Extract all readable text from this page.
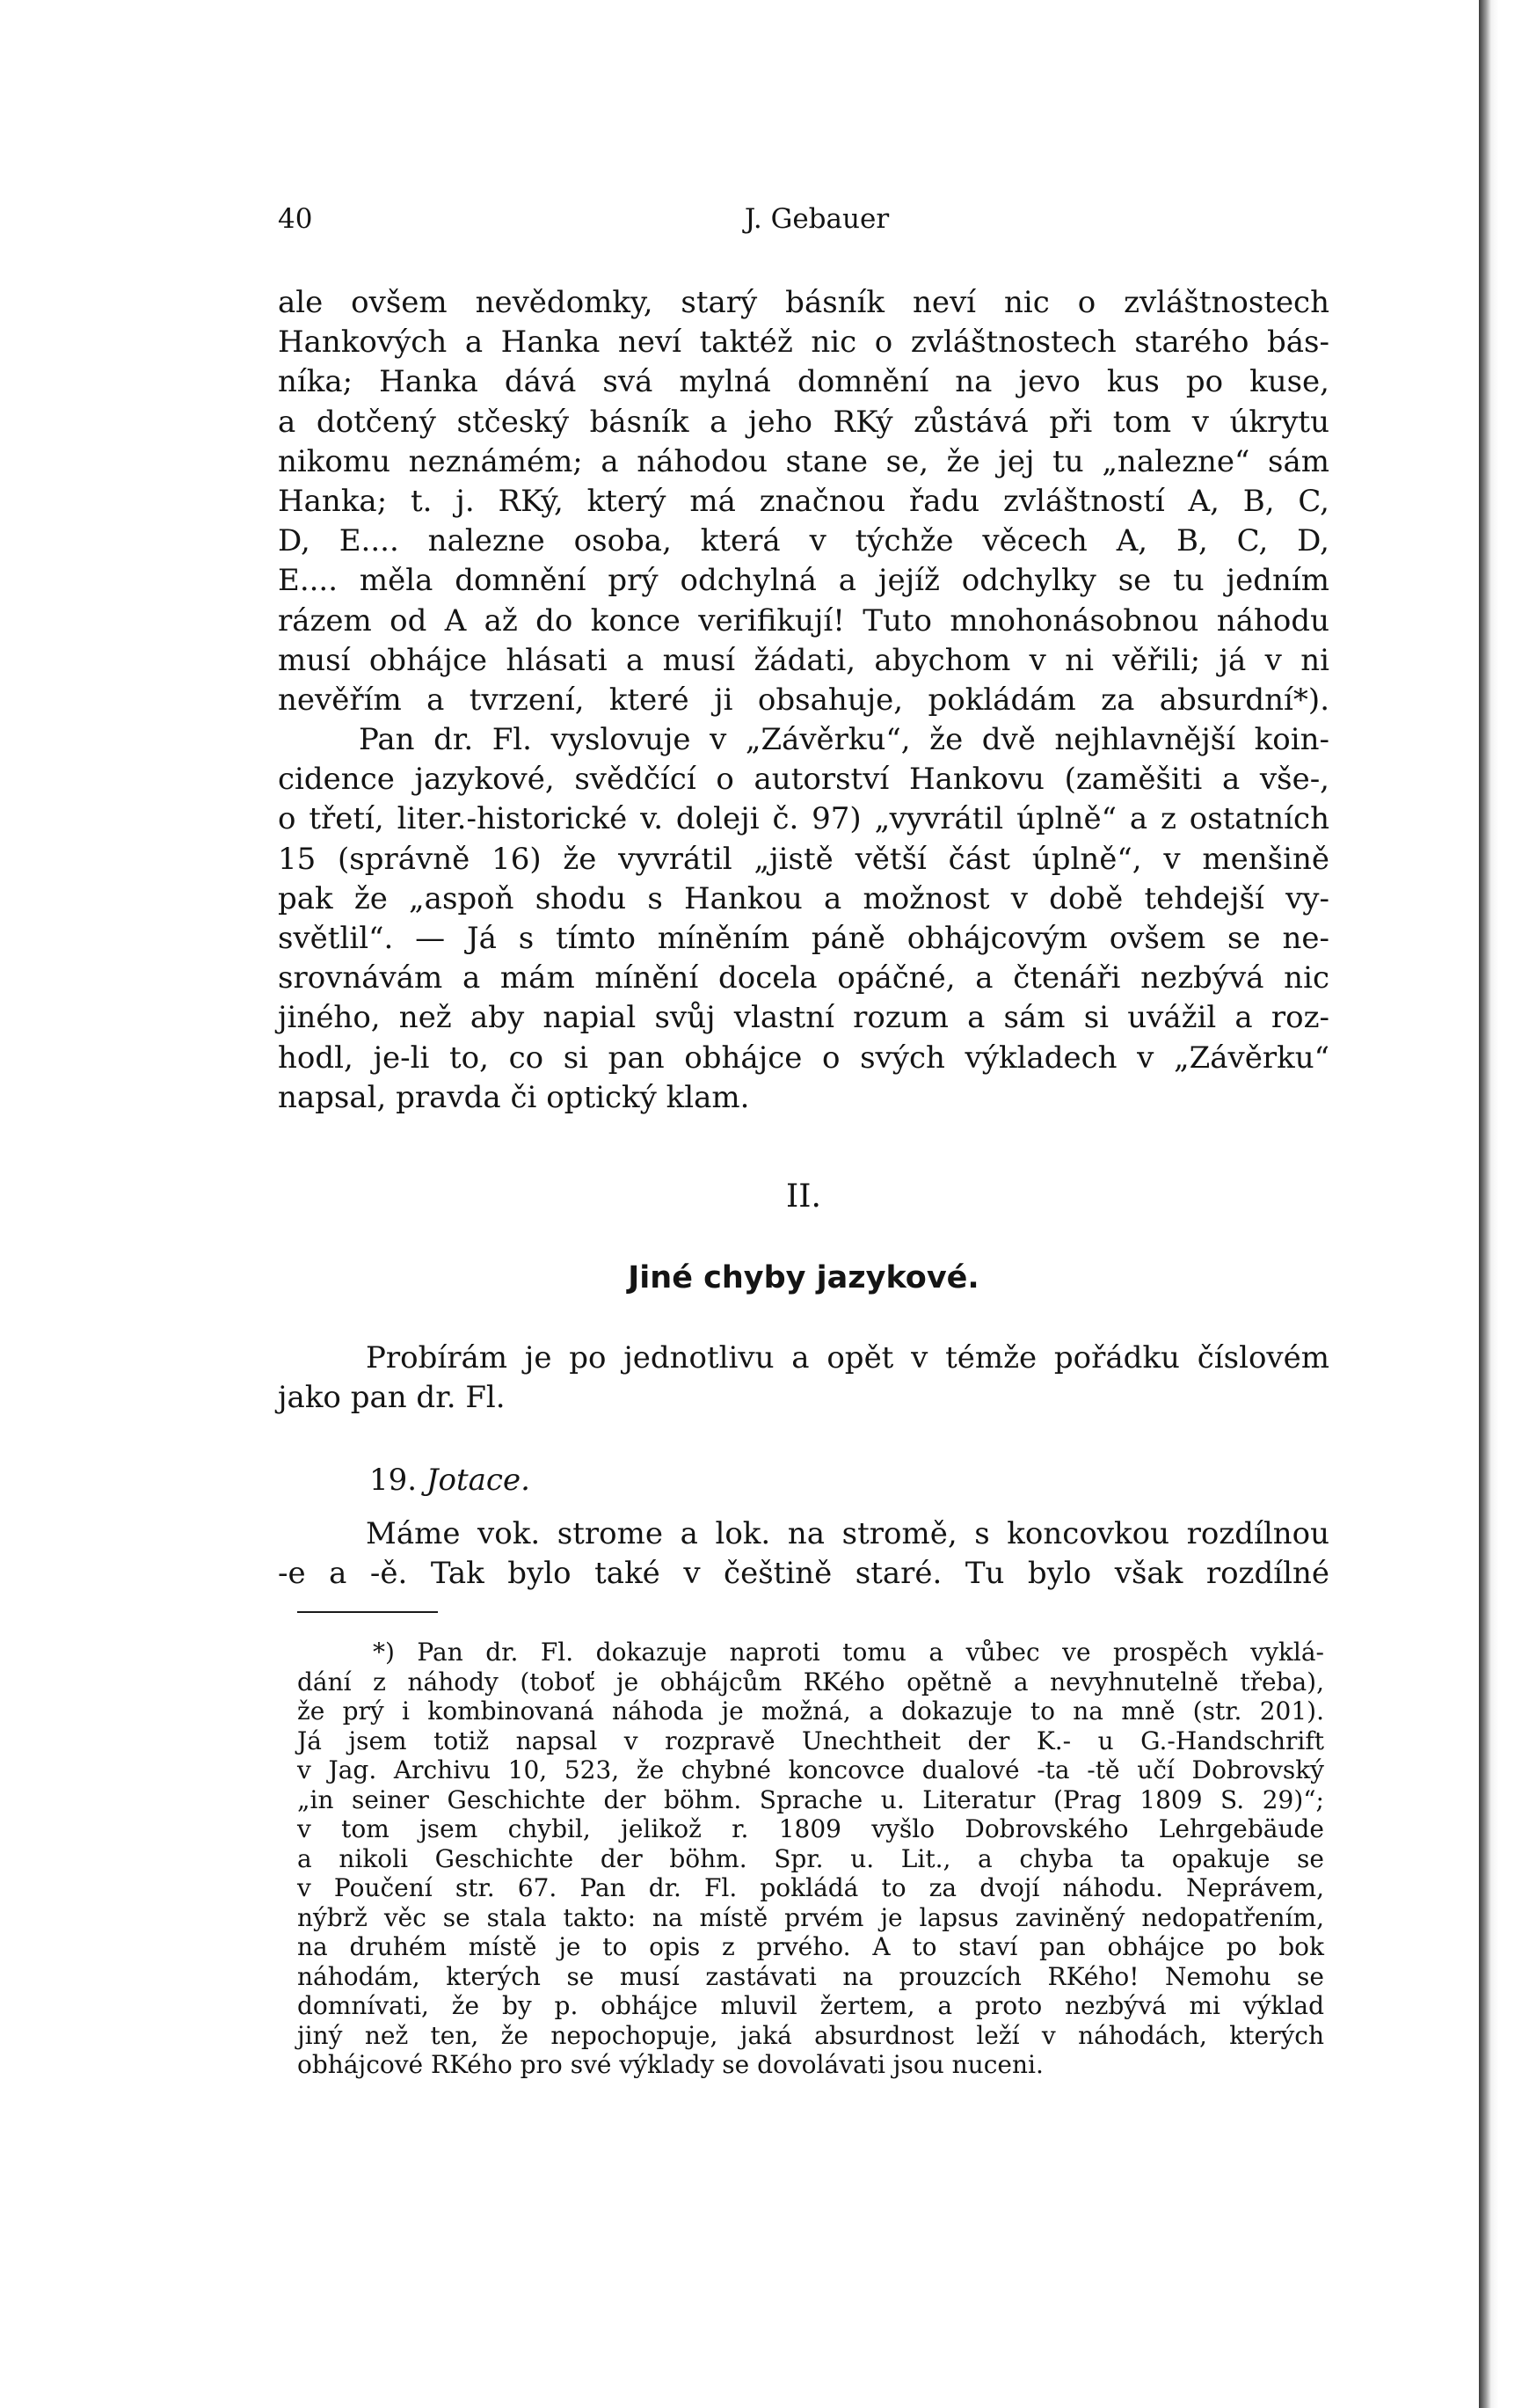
40	J. Gebauer
ale ovšem nevědomky, starý básník neví nic o zvláštnostech
Hankových a Hanka neví taktéž nic o zvláštnostech starého bás-
níka; Hanka dává svá mylná domnění na jevo kus po kuse,
a dotčený stčeský básník a jeho RKý zůstává při tom v úkrytu
nikomu neznámém; a náhodou stane se, že jej tu „nalezne“ sám
Hanka; t. j. RKý, který má značnou řadu zvláštností A, B, C,
D, E.... nalezne osoba, která v týchže věcech A, B, C, D,
E.... měla domnění prý odchylná a jejíž odchylky se tu jedním
rázem od A až do konce verifikují! Tuto mnohonásobnou náhodu
musí obhájce hlásati a musí žádati, abychom v ni věřili; já v ni
nevěřím a tvrzení, které ji obsahuje, pokládám za absurdní*).
Pan dr. Fl. vyslovuje v „Závěrku“, že dvě nejhlavnější koin-
cidence jazykové, svědčící o autorství Hankovu (zaměšiti a vše-,
o třetí, liter.-historické v. doleji č. 97) „vyvrátil úplně“ a z ostatních
15 (správně 16) že vyvrátil „jistě větší část úplně“, v menšině
pak že „aspoň shodu s Hankou a možnost v době tehdejší vy-
světlil“. — Já s tímto míněním páně obhájcovým ovšem se ne-
srovnávám a mám mínění docela opáčné, a čtenáři nezbývá nic
jiného, než aby napial svůj vlastní rozum a sám si uvážil a roz-
hodl, je-li to, co si pan obhájce o svých výkladech v „Závěrku“
napsal, pravda či optický klam.
II.
Jiné chyby jazykové.
Probírám je po jednotlivu a opět v témže pořádku číslovém
jako pan dr. Fl.
19. Jotace.
Máme vok. strome a lok. na stromě, s koncovkou rozdílnou
-e a -ě. Tak bylo také v češtině staré. Tu bylo však rozdílné
*) Pan dr. Fl. dokazuje naproti tomu a vůbec ve prospěch vyklá-
dání z náhody (toboť je obhájcům RKého opětně a nevyhnutelně třeba),
že prý i kombinovaná náhoda je možná, a dokazuje to na mně (str. 201).
Já jsem totiž napsal v rozpravě Unechtheit der K.- u G.-Handschrift
v Jag. Archivu 10, 523, že chybné koncovce dualové -ta -tě učí Dobrovský
„in seiner Geschichte der böhm. Sprache u. Literatur (Prag 1809 S. 29)“;
v tom jsem chybil, jelikož r. 1809 vyšlo Dobrovského Lehrgebäude
a nikoli Geschichte der böhm. Spr. u. Lit., a chyba ta opakuje se
v Poučení str. 67. Pan dr. Fl. pokládá to za dvojí náhodu. Neprávem,
nýbrž věc se stala takto: na místě prvém je lapsus zaviněný nedopatřením,
na druhém místě je to opis z prvého. A to staví pan obhájce po bok
náhodám, kterých se musí zastávati na prouzcích RKého! Nemohu se
domnívati, že by p. obhájce mluvil žertem, a proto nezbývá mi výklad
jiný než ten, že nepochopuje, jaká absurdnost leží v náhodách, kterých
obhájcové RKého pro své výklady se dovolávati jsou nuceni.
